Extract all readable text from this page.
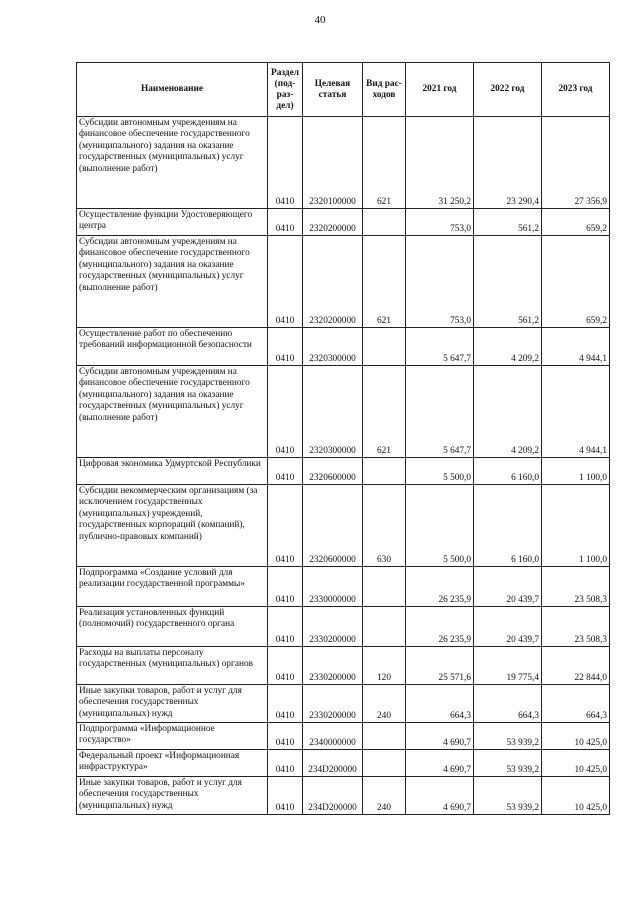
40
Наименование	Раздел (под-раз-дел)	Целевая статья	Вид рас-ходов	2021 год	2022 год	2023 год
Субсидии автономным учреждениям на финансовое обеспечение государственного (муниципального) задания на оказание государственных (муниципальных) услуг (выполнение работ)	0410	2320100000	621	31 250,2	23 290,4	27 356,9
Осуществление функции Удостоверяющего центра	0410	2320200000		753,0	561,2	659,2
Субсидии автономным учреждениям на финансовое обеспечение государственного (муниципального) задания на оказание государственных (муниципальных) услуг (выполнение работ)	0410	2320200000	621	753,0	561,2	659,2
Осуществление работ по обеспечению требований информационной безопасности	0410	2320300000		5 647,7	4 209,2	4 944,1
Субсидии автономным учреждениям на финансовое обеспечение государственного (муниципального) задания на оказание государственных (муниципальных) услуг (выполнение работ)	0410	2320300000	621	5 647,7	4 209,2	4 944,1
Цифровая экономика Удмуртской Республики	0410	2320600000		5 500,0	6 160,0	1 100,0
Субсидии некоммерческим организациям (за исключением государственных (муниципальных) учреждений, государственных корпораций (компаний), публично-правовых компаний)	0410	2320600000	630	5 500,0	6 160,0	1 100,0
Подпрограмма «Создание условий для реализации государственной программы»	0410	2330000000		26 235,9	20 439,7	23 508,3
Реализация установленных функций (полномочий) государственного органа	0410	2330200000		26 235,9	20 439,7	23 508,3
Расходы на выплаты персоналу государственных (муниципальных) органов	0410	2330200000	120	25 571,6	19 775,4	22 844,0
Иные закупки товаров, работ и услуг для обеспечения государственных (муниципальных) нужд	0410	2330200000	240	664,3	664,3	664,3
Подпрограмма «Информационное государство»	0410	2340000000		4 690,7	53 939,2	10 425,0
Федеральный проект «Информационная инфраструктура»	0410	234D200000		4 690,7	53 939,2	10 425,0
Иные закупки товаров, работ и услуг для обеспечения государственных (муниципальных) нужд	0410	234D200000	240	4 690,7	53 939,2	10 425,0
